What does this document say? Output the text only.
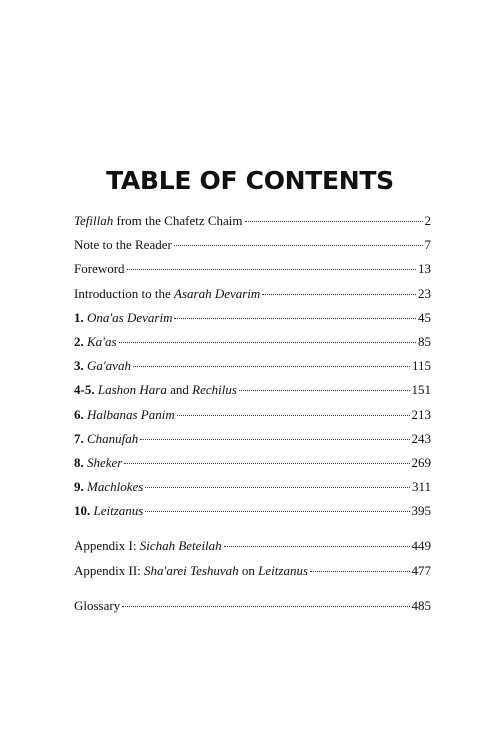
TABLE OF CONTENTS
Tefillah from the Chafetz Chaim	2
Note to the Reader	7
Foreword	13
Introduction to the Asarah Devarim	23
1. Ona'as Devarim	45
2. Ka'as	85
3. Ga'avah	115
4-5. Lashon Hara and Rechilus	151
6. Halbanas Panim	213
7. Chanufah	243
8. Sheker	269
9. Machlokes	311
10. Leitzanus	395
Appendix I: Sichah Beteilah	449
Appendix II: Sha'arei Teshuvah on Leitzanus	477
Glossary	485
